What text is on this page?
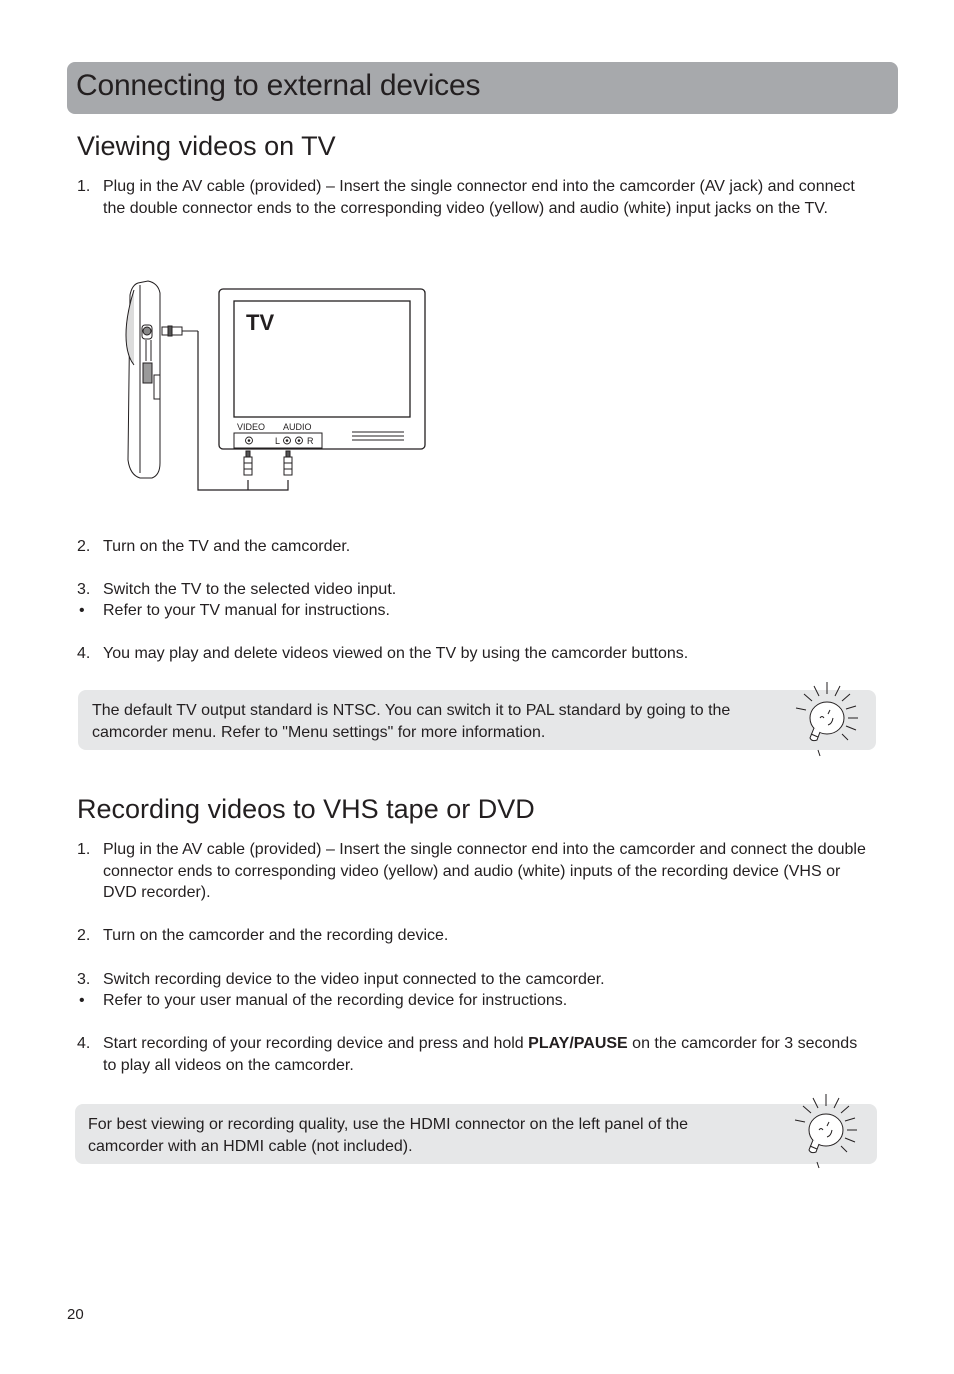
Connecting to external devices
Viewing videos on TV
1. Plug in the AV cable (provided) – Insert the single connector end into the camcorder (AV jack) and connect the double connector ends to the corresponding video (yellow) and audio (white) input jacks on the TV.
TV
VIDEO AUDIO
L	R
2. Turn on the TV and the camcorder.
3. Switch the TV to the selected video input.
• Refer to your TV manual for instructions.
4. You may play and delete videos viewed on the TV by using the camcorder buttons.
The default TV output standard is NTSC. You can switch it to PAL standard by going to the camcorder menu. Refer to "Menu settings" for more information.
Recording videos to VHS tape or DVD
1. Plug in the AV cable (provided) – Insert the single connector end into the camcorder and connect the double connector ends to corresponding video (yellow) and audio (white) inputs of the recording device (VHS or DVD recorder).
2. Turn on the camcorder and the recording device.
3. Switch recording device to the video input connected to the camcorder.
• Refer to your user manual of the recording device for instructions.
4. Start recording of your recording device and press and hold PLAY/PAUSE on the camcorder for 3 seconds to play all videos on the camcorder.
For best viewing or recording quality, use the HDMI connector on the left panel of the camcorder with an HDMI cable (not included).
20
